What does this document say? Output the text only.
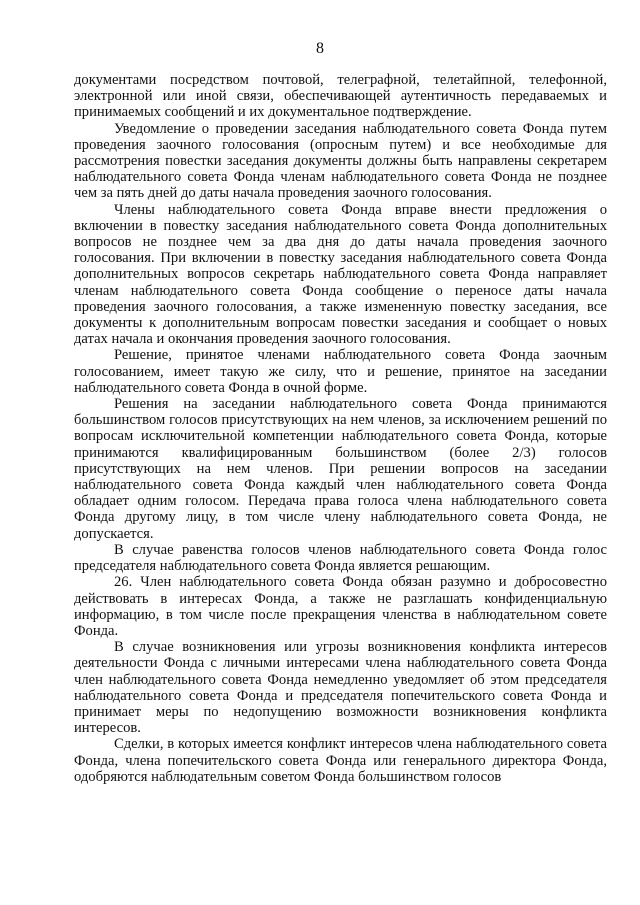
8

документами посредством почтовой, телеграфной, телетайпной, телефонной, электронной или иной связи, обеспечивающей аутентичность передаваемых и принимаемых сообщений и их документальное подтверждение.

Уведомление о проведении заседания наблюдательного совета Фонда путем проведения заочного голосования (опросным путем) и все необходимые для рассмотрения повестки заседания документы должны быть направлены секретарем наблюдательного совета Фонда членам наблюдательного совета Фонда не позднее чем за пять дней до даты начала проведения заочного голосования.

Члены наблюдательного совета Фонда вправе внести предложения о включении в повестку заседания наблюдательного совета Фонда дополнительных вопросов не позднее чем за два дня до даты начала проведения заочного голосования. При включении в повестку заседания наблюдательного совета Фонда дополнительных вопросов секретарь наблюдательного совета Фонда направляет членам наблюдательного совета Фонда сообщение о переносе даты начала проведения заочного голосования, а также измененную повестку заседания, все документы к дополнительным вопросам повестки заседания и сообщает о новых датах начала и окончания проведения заочного голосования.

Решение, принятое членами наблюдательного совета Фонда заочным голосованием, имеет такую же силу, что и решение, принятое на заседании наблюдательного совета Фонда в очной форме.

Решения на заседании наблюдательного совета Фонда принимаются большинством голосов присутствующих на нем членов, за исключением решений по вопросам исключительной компетенции наблюдательного совета Фонда, которые принимаются квалифицированным большинством (более 2/3) голосов присутствующих на нем членов. При решении вопросов на заседании наблюдательного совета Фонда каждый член наблюдательного совета Фонда обладает одним голосом. Передача права голоса члена наблюдательного совета Фонда другому лицу, в том числе члену наблюдательного совета Фонда, не допускается.

В случае равенства голосов членов наблюдательного совета Фонда голос председателя наблюдательного совета Фонда является решающим.

26. Член наблюдательного совета Фонда обязан разумно и добросовестно действовать в интересах Фонда, а также не разглашать конфиденциальную информацию, в том числе после прекращения членства в наблюдательном совете Фонда.

В случае возникновения или угрозы возникновения конфликта интересов деятельности Фонда с личными интересами члена наблюдательного совета Фонда член наблюдательного совета Фонда немедленно уведомляет об этом председателя наблюдательного совета Фонда и председателя попечительского совета Фонда и принимает меры по недопущению возможности возникновения конфликта интересов.

Сделки, в которых имеется конфликт интересов члена наблюдательного совета Фонда, члена попечительского совета Фонда или генерального директора Фонда, одобряются наблюдательным советом Фонда большинством голосов
